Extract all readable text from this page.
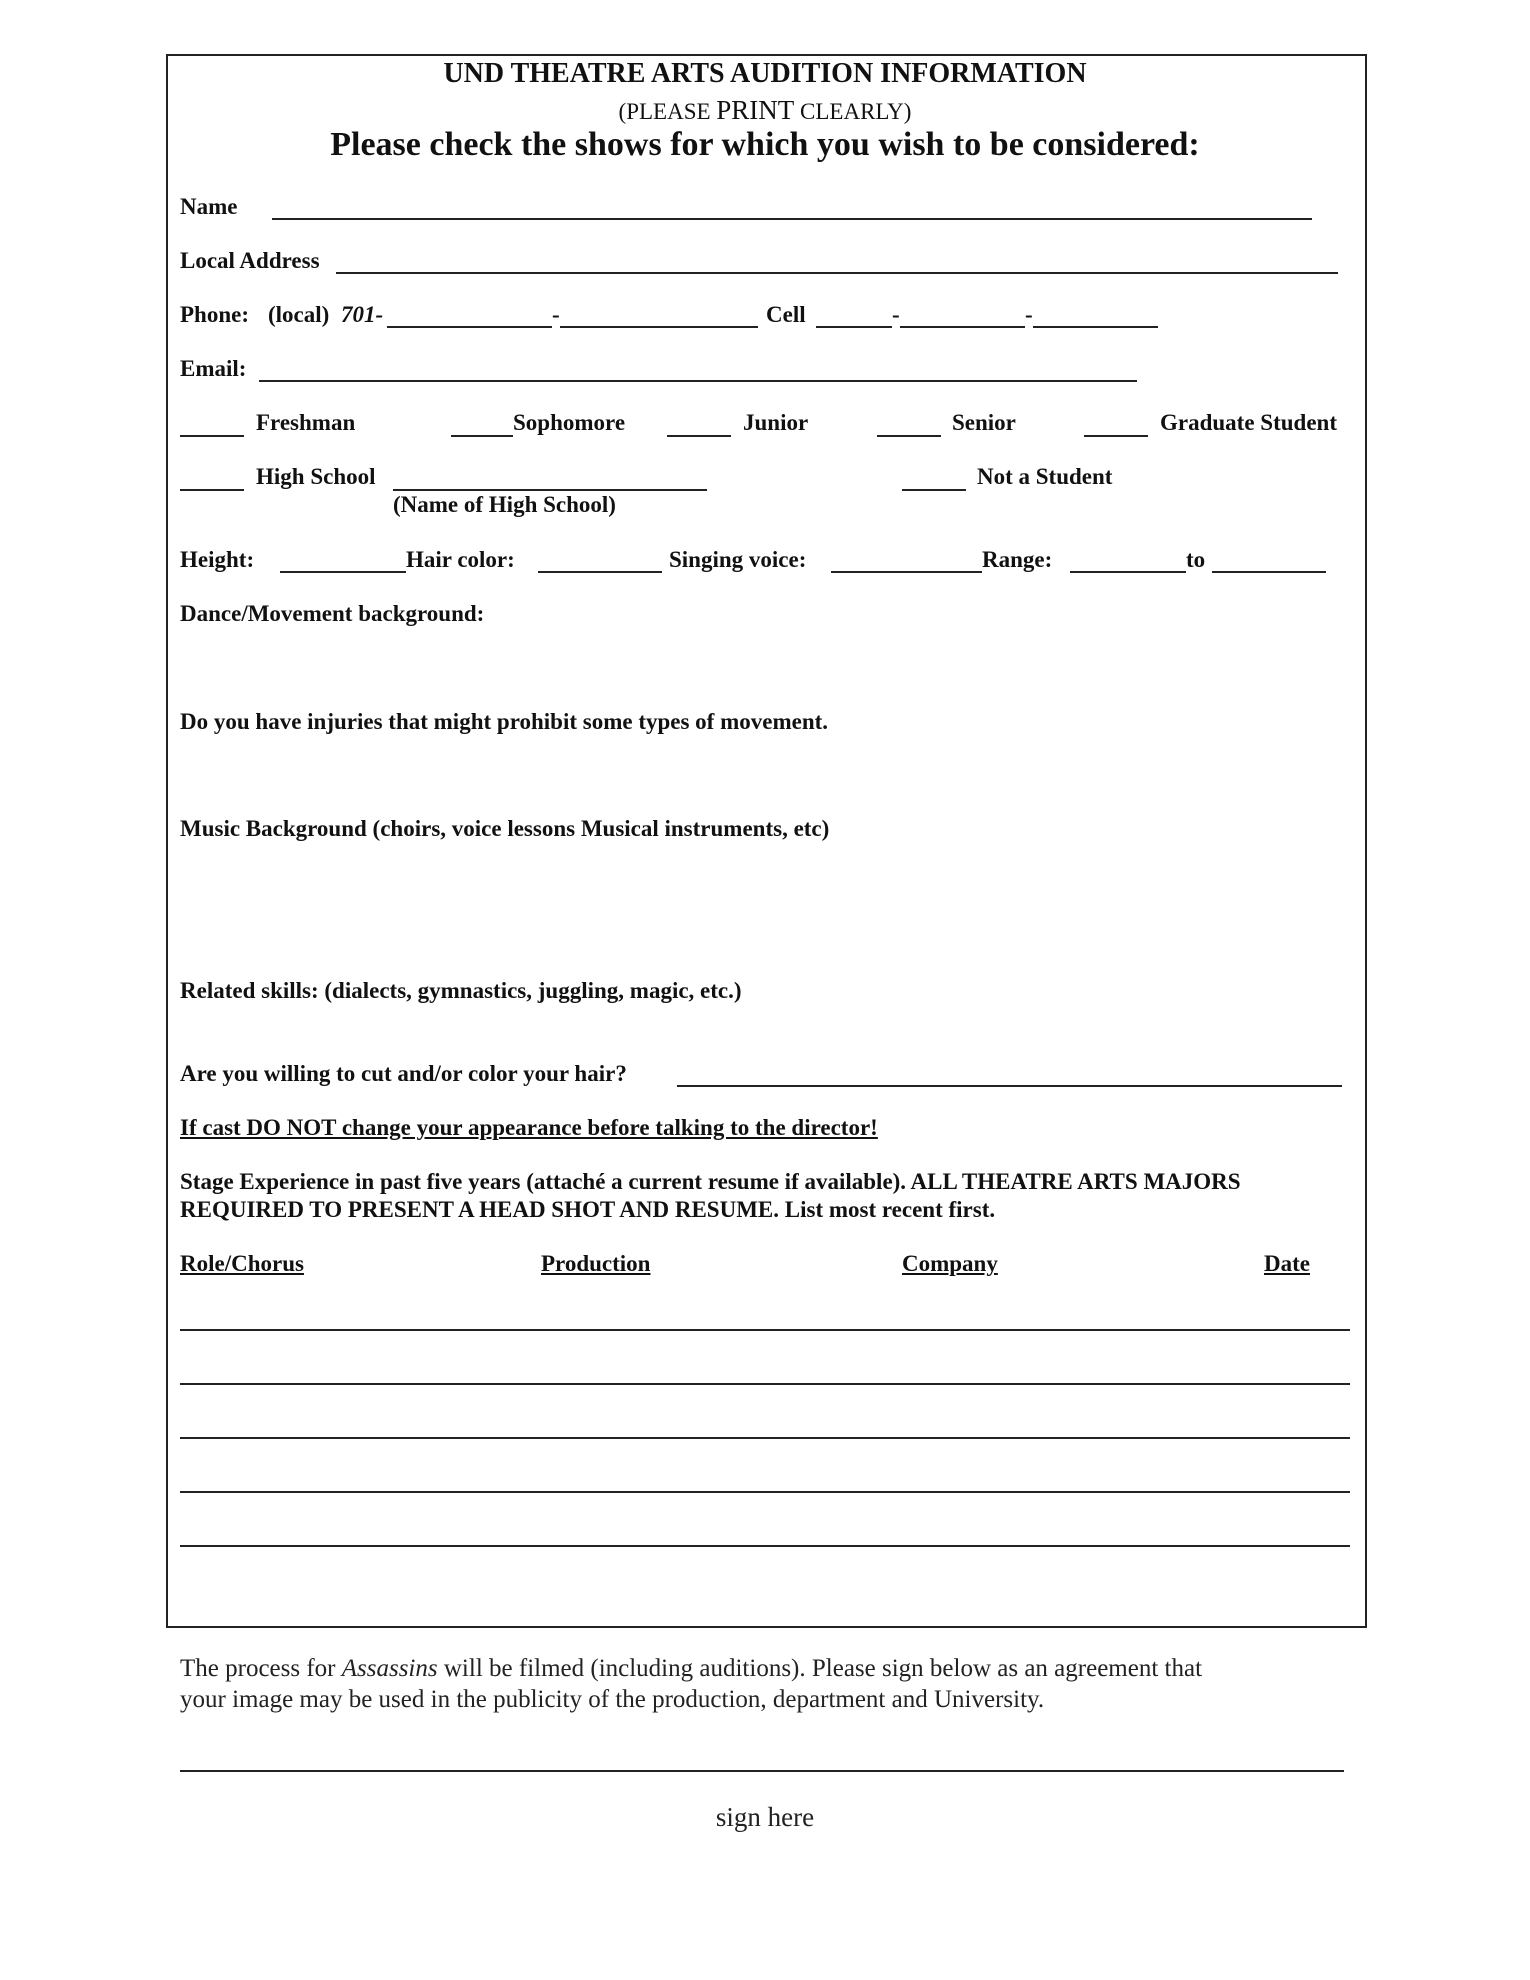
UND THEATRE ARTS AUDITION INFORMATION
(PLEASE PRINT CLEARLY)
Please check the shows for which you wish to be considered:
Name
Local Address
Phone: (local) 701-	-	Cell	-	-
Email:
Freshman	Sophomore	Junior	Senior	Graduate Student
High School
(Name of High School)
Not a Student
Height:	Hair color:	Singing voice:	Range:	to
Dance/Movement background:
Do you have injuries that might prohibit some types of movement.
Music Background (choirs, voice lessons Musical instruments, etc)
Related skills: (dialects, gymnastics, juggling, magic, etc.)
Are you willing to cut and/or color your hair?
If cast DO NOT change your appearance before talking to the director!
Stage Experience in past five years (attaché a current resume if available). ALL THEATRE ARTS MAJORS
REQUIRED TO PRESENT A HEAD SHOT AND RESUME. List most recent first.
Role/Chorus	Production	Company	Date
The process for Assassins will be filmed (including auditions). Please sign below as an agreement that
your image may be used in the publicity of the production, department and University.
sign here
